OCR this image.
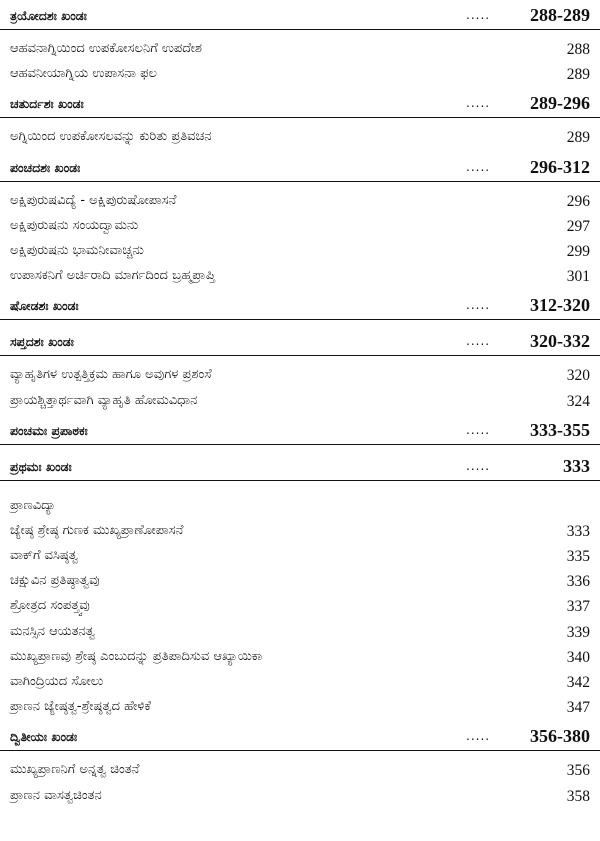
ತ್ರಯೋದಶಃ ಖಂಡಃ	..... 288-289
ಆಹವನಾಗ್ನಿಯಿಂದ ಉಪಕೋಸಲನಿಗೆ ಉಪದೇಶ	288
ಆಹವನೀಯಾಗ್ನಿಯ ಉಪಾಸನಾ ಫಲ	289
ಚತುರ್ದಶಃ ಖಂಡಃ	..... 289-296
ಅಗ್ನಿಯಿಂದ ಉಪಕೋಸಲವನ್ನು ಕುರಿತು ಪ್ರತಿವಚನ	289
ಪಂಚದಶಃ ಖಂಡಃ	..... 296-312
ಅಕ್ಷಿಪುರುಷವಿದ್ಯೆ - ಅಕ್ಷಿಪುರುಷೋಪಾಸನೆ	296
ಅಕ್ಷಿಪುರುಷನು ಸಂಯದ್ವಾಮನು	297
ಅಕ್ಷಿಪುರುಷನು ಭಾಮನೀವಾಚ್ಚನು	299
ಉಪಾಸಕನಿಗೆ ಅರ್ಚಿರಾದಿ ಮಾರ್ಗದಿಂದ ಬ್ರಹ್ಮಪ್ರಾಪ್ತಿ	301
ಷೋಡಶಃ ಖಂಡಃ	..... 312-320
ಸಪ್ತದಶಃ ಖಂಡಃ	..... 320-332
ವ್ಯಾಹೃತಿಗಳ ಉತ್ಪತ್ತಿಕ್ರಮ ಹಾಗೂ ಅವುಗಳ ಪ್ರಶಂಸೆ	320
ಪ್ರಾಯಶ್ಚಿತ್ತಾರ್ಥವಾಗಿ ವ್ಯಾಹೃತಿ ಹೋಮವಿಧಾನ	324
ಪಂಚಮಃ ಪ್ರಪಾಠಕಃ	..... 333-355
ಪ್ರಥಮಃ ಖಂಡಃ	.....	333
ಪ್ರಾಣವಿದ್ಯಾ
ಜ್ಯೇಷ್ಠ ಶ್ರೇಷ್ಠ ಗುಣಕ ಮುಖ್ಯಪ್ರಾಣೋಪಾಸನೆ	333
ವಾಕ್‌ಗೆ ವಸಿಷ್ಠತ್ವ	335
ಚಕ್ಷುವಿನ ಪ್ರತಿಷ್ಠಾತ್ವವು	336
ಶ್ರೋತ್ರದ ಸಂಪತ್ತ್ವವು	337
ಮನಸ್ಸಿನ ಆಯತನತ್ವ	339
ಮುಖ್ಯಪ್ರಾಣವು ಶ್ರೇಷ್ಠ ಎಂಬುದನ್ನು ಪ್ರತಿಪಾದಿಸುವ ಆಖ್ಯಾಯಿಕಾ	340
ವಾಗಿಂದ್ರಿಯದ ಸೋಲು	342
ಪ್ರಾಣನ ಜ್ಯೇಷ್ಠತ್ವ-ಶ್ರೇಷ್ಠತ್ವದ ಹೇಳಿಕೆ	347
ದ್ವಿತೀಯಃ ಖಂಡಃ	..... 356-380
ಮುಖ್ಯಪ್ರಾಣನಿಗೆ ಅನ್ನತ್ವ ಚಿಂತನೆ	356
ಪ್ರಾಣನ ವಾಸತ್ವಚಿಂತನ	358
